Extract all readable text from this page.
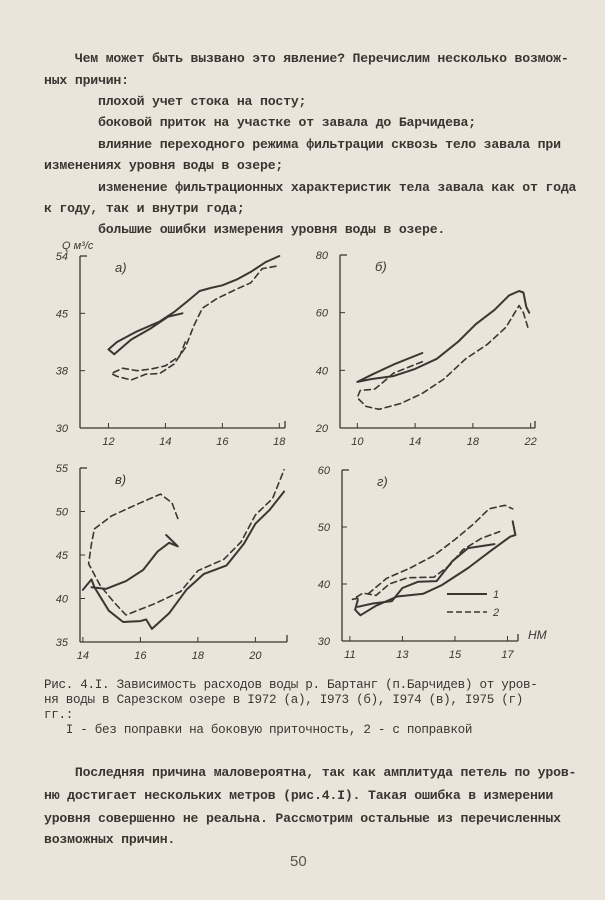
Чем может быть вызвано это явление? Перечислим несколько возмож-
ных причин:
плохой учет стока на посту;
боковой приток на участке от завала до Барчидева;
влияние переходного режима фильтрации сквозь тело завала при
изменениях уровня воды в озере;
изменение фильтрационных характеристик тела завала как от года
к году, так и внутри года;
большие ошибки измерения уровня воды в озере.
12	14	16	18
30
38
45
54
а)
Q м³/с
10	14	18	22
20
40
60
80
б)
14	16	18	20
35
40
45
50
55
в)
11	13	15	17
30
40
50
60
г)
НМ
1
2
Рис. 4.I. Зависимость расходов воды р. Бартанг (п.Барчидев) от уров-
ня воды в Сарезском озере в I972 (а), I973 (б), I974 (в), I975 (г)
гг.:
I - без поправки на боковую приточность, 2 - с поправкой
Последняя причина маловероятна, так как амплитуда петель по уров-
ню достигает нескольких метров (рис.4.I). Такая ошибка в измерении
уровня совершенно не реальна. Рассмотрим остальные из перечисленных
возможных причин.
50
